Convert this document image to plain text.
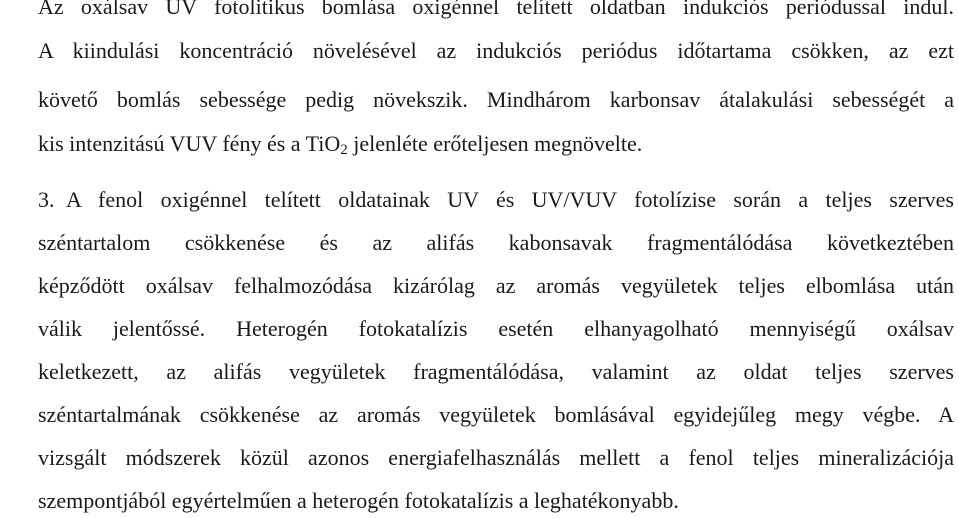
Az oxálsav UV fotolitikus bomlása oxigénnel telített oldatban indukciós periódussal indul.
A kiindulási koncentráció növelésével az indukciós periódus időtartama csökken, az ezt
követő bomlás sebessége pedig növekszik. Mindhárom karbonsav átalakulási sebességét a
kis intenzitású VUV fény és a TiO$_2$ jelenléte erőteljesen megnövelte.
3. A fenol oxigénnel telített oldatainak UV és UV/VUV fotolízise során a teljes szerves
széntartalom csökkenése és az alifás kabonsavak fragmentálódása következtében
képződött oxálsav felhalmozódása kizárólag az aromás vegyületek teljes elbomlása után
válik jelentőssé. Heterogén fotokatalízis esetén elhanyagolható mennyiségű oxálsav
keletkezett, az alifás vegyületek fragmentálódása, valamint az oldat teljes szerves
széntartalmának csökkenése az aromás vegyületek bomlásával egyidejűleg megy végbe. A
vizsgált módszerek közül azonos energiafelhasználás mellett a fenol teljes mineralizációja
szempontjából egyértelműen a heterogén fotokatalízis a leghatékonyabb.
